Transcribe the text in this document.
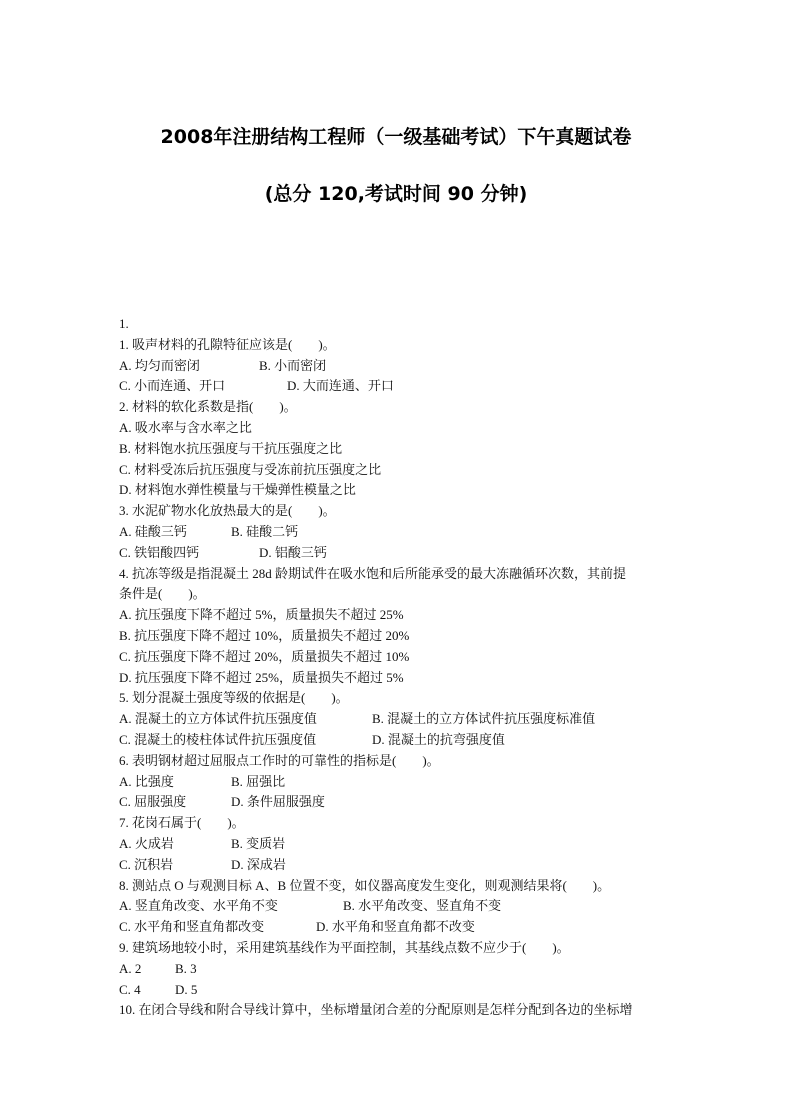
2008年注册结构工程师（一级基础考试）下午真题试卷
(总分 120,考试时间 90 分钟)
1.
1. 吸声材料的孔隙特征应该是(　　)。
A. 均匀而密闭	B. 小而密闭
C. 小而连通、开口	D. 大而连通、开口
2. 材料的软化系数是指(　　)。
A. 吸水率与含水率之比
B. 材料饱水抗压强度与干抗压强度之比
C. 材料受冻后抗压强度与受冻前抗压强度之比
D. 材料饱水弹性模量与干燥弹性模量之比
3. 水泥矿物水化放热最大的是(　　)。
A. 硅酸三钙	B. 硅酸二钙
C. 铁铝酸四钙	D. 铝酸三钙
4. 抗冻等级是指混凝土 28d 龄期试件在吸水饱和后所能承受的最大冻融循环次数，其前提
条件是(　　)。
A. 抗压强度下降不超过 5%，质量损失不超过 25%
B. 抗压强度下降不超过 10%，质量损失不超过 20%
C. 抗压强度下降不超过 20%，质量损失不超过 10%
D. 抗压强度下降不超过 25%，质量损失不超过 5%
5. 划分混凝土强度等级的依据是(　　)。
A. 混凝土的立方体试件抗压强度值	B. 混凝土的立方体试件抗压强度标准值
C. 混凝土的棱柱体试件抗压强度值	D. 混凝土的抗弯强度值
6. 表明钢材超过屈服点工作时的可靠性的指标是(　　)。
A. 比强度	B. 屈强比
C. 屈服强度	D. 条件屈服强度
7. 花岗石属于(　　)。
A. 火成岩	B. 变质岩
C. 沉积岩	D. 深成岩
8. 测站点 O 与观测目标 A、B 位置不变，如仪器高度发生变化，则观测结果将(　　)。
A. 竖直角改变、水平角不变	B. 水平角改变、竖直角不变
C. 水平角和竖直角都改变	D. 水平角和竖直角都不改变
9. 建筑场地较小时，采用建筑基线作为平面控制，其基线点数不应少于(　　)。
A. 2	B. 3
C. 4	D. 5
10. 在闭合导线和附合导线计算中，坐标增量闭合差的分配原则是怎样分配到各边的坐标增
